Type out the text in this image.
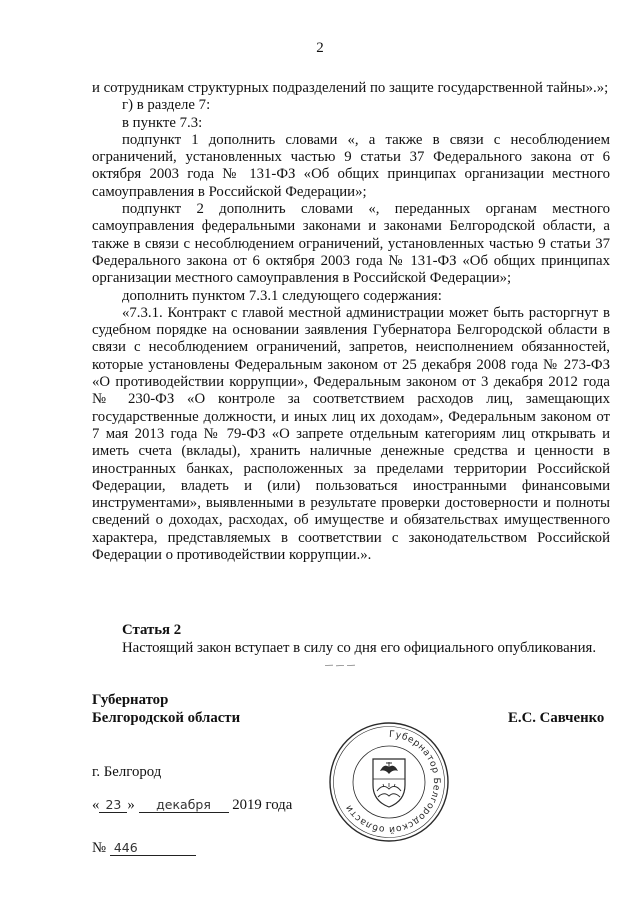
2

и сотрудникам структурных подразделений по защите государственной тайны».»;

г) в разделе 7:

в пункте 7.3:

подпункт 1 дополнить словами «, а также в связи с несоблюдением ограничений, установленных частью 9 статьи 37 Федерального закона от 6 октября 2003 года № 131-ФЗ «Об общих принципах организации местного самоуправления в Российской Федерации»;

подпункт 2 дополнить словами «, переданных органам местного самоуправления федеральными законами и законами Белгородской области, а также в связи с несоблюдением ограничений, установленных частью 9 статьи 37 Федерального закона от 6 октября 2003 года № 131-ФЗ «Об общих принципах организации местного самоуправления в Российской Федерации»;

дополнить пунктом 7.3.1 следующего содержания:

«7.3.1. Контракт с главой местной администрации может быть расторгнут в судебном порядке на основании заявления Губернатора Белгородской области в связи с несоблюдением ограничений, запретов, неисполнением обязанностей, которые установлены Федеральным законом от 25 декабря 2008 года № 273-ФЗ «О противодействии коррупции», Федеральным законом от 3 декабря 2012 года № 230-ФЗ «О контроле за соответствием расходов лиц, замещающих государственные должности, и иных лиц их доходам», Федеральным законом от 7 мая 2013 года № 79-ФЗ «О запрете отдельным категориям лиц открывать и иметь счета (вклады), хранить наличные денежные средства и ценности в иностранных банках, расположенных за пределами территории Российской Федерации, владеть и (или) пользоваться иностранными финансовыми инструментами», выявленными в результате проверки достоверности и полноты сведений о доходах, расходах, об имуществе и обязательствах имущественного характера, представляемых в соответствии с законодательством Российской Федерации о противодействии коррупции.».

Статья 2
Настоящий закон вступает в силу со дня его официального опубликования.
Губернатор
Белгородской области	Е.С. Савченко
г. Белгород
« 23 » декабря 2019 года
№ 446
Губернатор Белгородской области
